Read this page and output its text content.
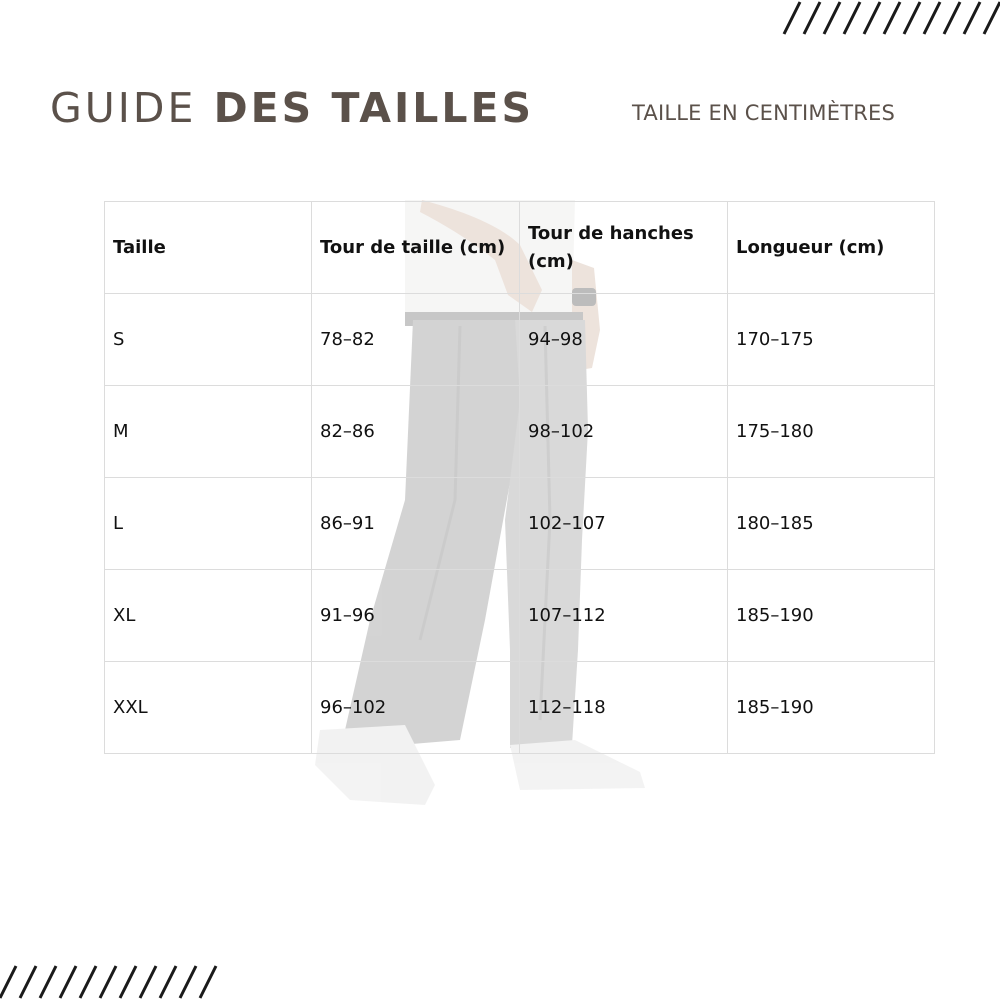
GUIDE DES TAILLES	TAILLE EN CENTIMÈTRES
Taille	Tour de taille (cm)	Tour de hanches (cm)	Longueur (cm)
S	78–82	94–98	170–175
M	82–86	98–102	175–180
L	86–91	102–107	180–185
XL	91–96	107–112	185–190
XXL	96–102	112–118	185–190
